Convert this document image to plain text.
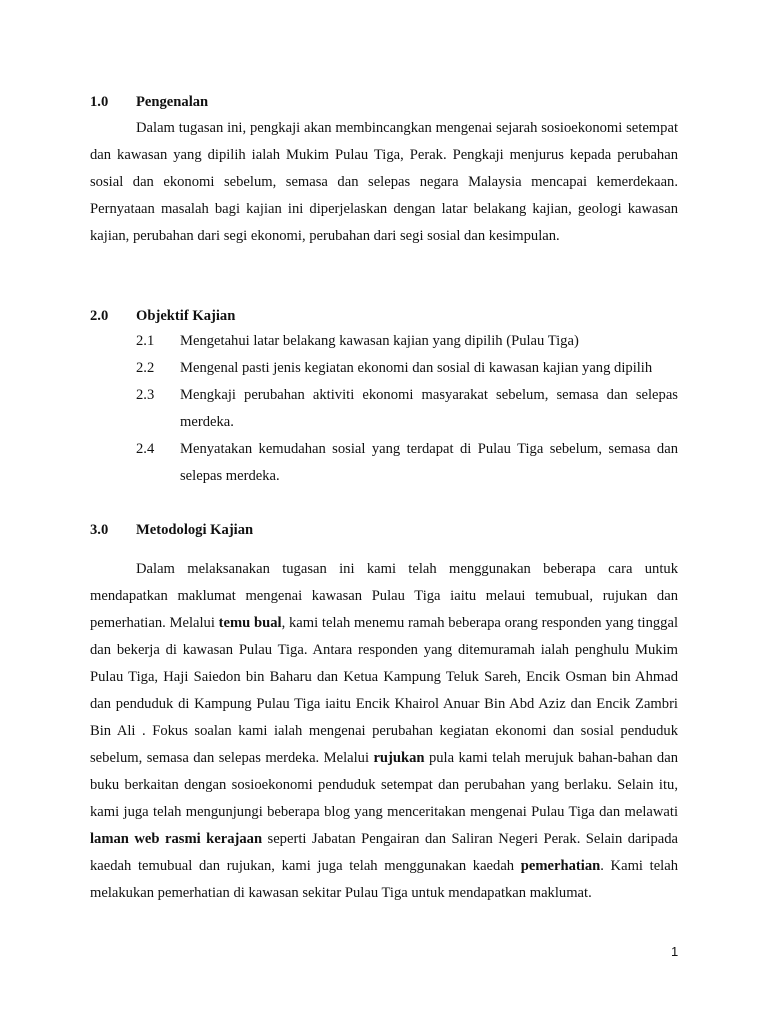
1.0 Pengenalan

Dalam tugasan ini, pengkaji akan membincangkan mengenai sejarah sosioekonomi setempat dan kawasan yang dipilih ialah Mukim Pulau Tiga, Perak. Pengkaji menjurus kepada perubahan sosial dan ekonomi sebelum, semasa dan selepas negara Malaysia mencapai kemerdekaan. Pernyataan masalah bagi kajian ini diperjelaskan dengan latar belakang kajian, geologi kawasan kajian, perubahan dari segi ekonomi, perubahan dari segi sosial dan kesimpulan.

2.0 Objektif Kajian
2.1 Mengetahui latar belakang kawasan kajian yang dipilih (Pulau Tiga)
2.2 Mengenal pasti jenis kegiatan ekonomi dan sosial di kawasan kajian yang dipilih
2.3 Mengkaji perubahan aktiviti ekonomi masyarakat sebelum, semasa dan selepas merdeka.
2.4 Menyatakan kemudahan sosial yang terdapat di Pulau Tiga sebelum, semasa dan selepas merdeka.
3.0 Metodologi Kajian

Dalam melaksanakan tugasan ini kami telah menggunakan beberapa cara untuk mendapatkan maklumat mengenai kawasan Pulau Tiga iaitu melaui temubual, rujukan dan pemerhatian. Melalui temu bual, kami telah menemu ramah beberapa orang responden yang tinggal dan bekerja di kawasan Pulau Tiga. Antara responden yang ditemuramah ialah penghulu Mukim Pulau Tiga, Haji Saiedon bin Baharu dan Ketua Kampung Teluk Sareh, Encik Osman bin Ahmad dan penduduk di Kampung Pulau Tiga iaitu Encik Khairol Anuar Bin Abd Aziz dan Encik Zambri Bin Ali . Fokus soalan kami ialah mengenai perubahan kegiatan ekonomi dan sosial penduduk sebelum, semasa dan selepas merdeka. Melalui rujukan pula kami telah merujuk bahan-bahan dan buku berkaitan dengan sosioekonomi penduduk setempat dan perubahan yang berlaku. Selain itu, kami juga telah mengunjungi beberapa blog yang menceritakan mengenai Pulau Tiga dan melawati laman web rasmi kerajaan seperti Jabatan Pengairan dan Saliran Negeri Perak. Selain daripada kaedah temubual dan rujukan, kami juga telah menggunakan kaedah pemerhatian. Kami telah melakukan pemerhatian di kawasan sekitar Pulau Tiga untuk mendapatkan maklumat.

1
